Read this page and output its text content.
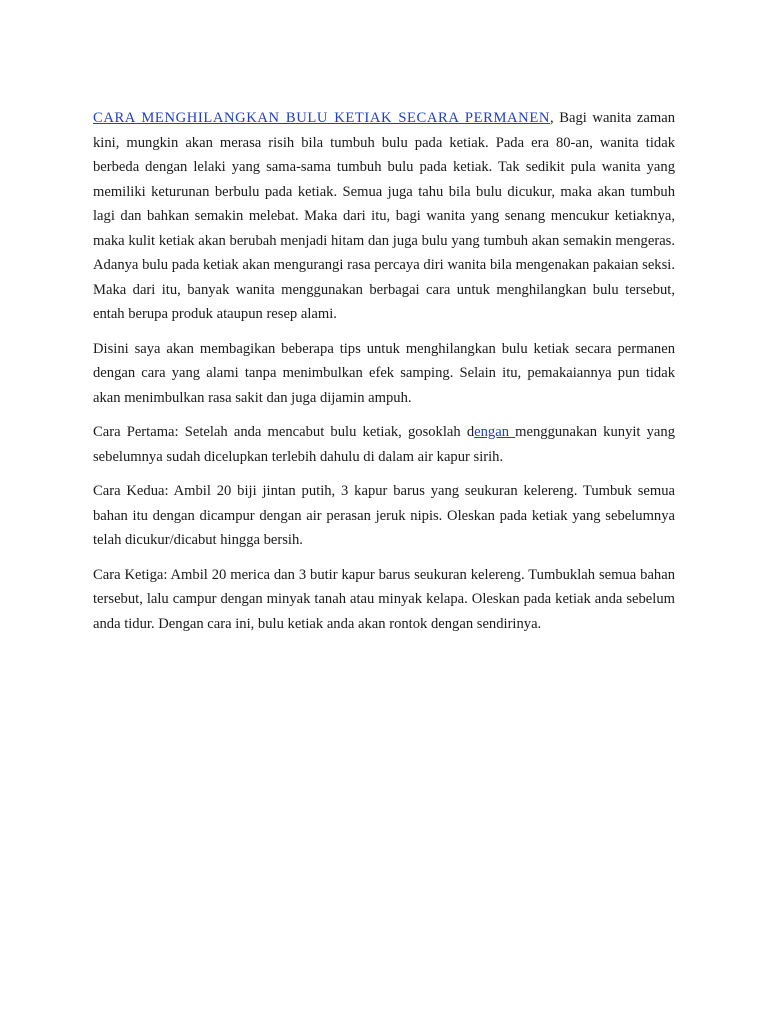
CARA MENGHILANGKAN BULU KETIAK SECARA PERMANEN, Bagi wanita zaman kini, mungkin akan merasa risih bila tumbuh bulu pada ketiak. Pada era 80-an, wanita tidak berbeda dengan lelaki yang sama-sama tumbuh bulu pada ketiak. Tak sedikit pula wanita yang memiliki keturunan berbulu pada ketiak. Semua juga tahu bila bulu dicukur, maka akan tumbuh lagi dan bahkan semakin melebat. Maka dari itu, bagi wanita yang senang mencukur ketiaknya, maka kulit ketiak akan berubah menjadi hitam dan juga bulu yang tumbuh akan semakin mengeras. Adanya bulu pada ketiak akan mengurangi rasa percaya diri wanita bila mengenakan pakaian seksi. Maka dari itu, banyak wanita menggunakan berbagai cara untuk menghilangkan bulu tersebut, entah berupa produk ataupun resep alami.

Disini saya akan membagikan beberapa tips untuk menghilangkan bulu ketiak secara permanen dengan cara yang alami tanpa menimbulkan efek samping. Selain itu, pemakaiannya pun tidak akan menimbulkan rasa sakit dan juga dijamin ampuh.

Cara Pertama: Setelah anda mencabut bulu ketiak, gosoklah dengan menggunakan kunyit yang sebelumnya sudah dicelupkan terlebih dahulu di dalam air kapur sirih.

Cara Kedua: Ambil 20 biji jintan putih, 3 kapur barus yang seukuran kelereng. Tumbuk semua bahan itu dengan dicampur dengan air perasan jeruk nipis. Oleskan pada ketiak yang sebelumnya telah dicukur/dicabut hingga bersih.

Cara Ketiga: Ambil 20 merica dan 3 butir kapur barus seukuran kelereng. Tumbuklah semua bahan tersebut, lalu campur dengan minyak tanah atau minyak kelapa. Oleskan pada ketiak anda sebelum anda tidur. Dengan cara ini, bulu ketiak anda akan rontok dengan sendirinya.
